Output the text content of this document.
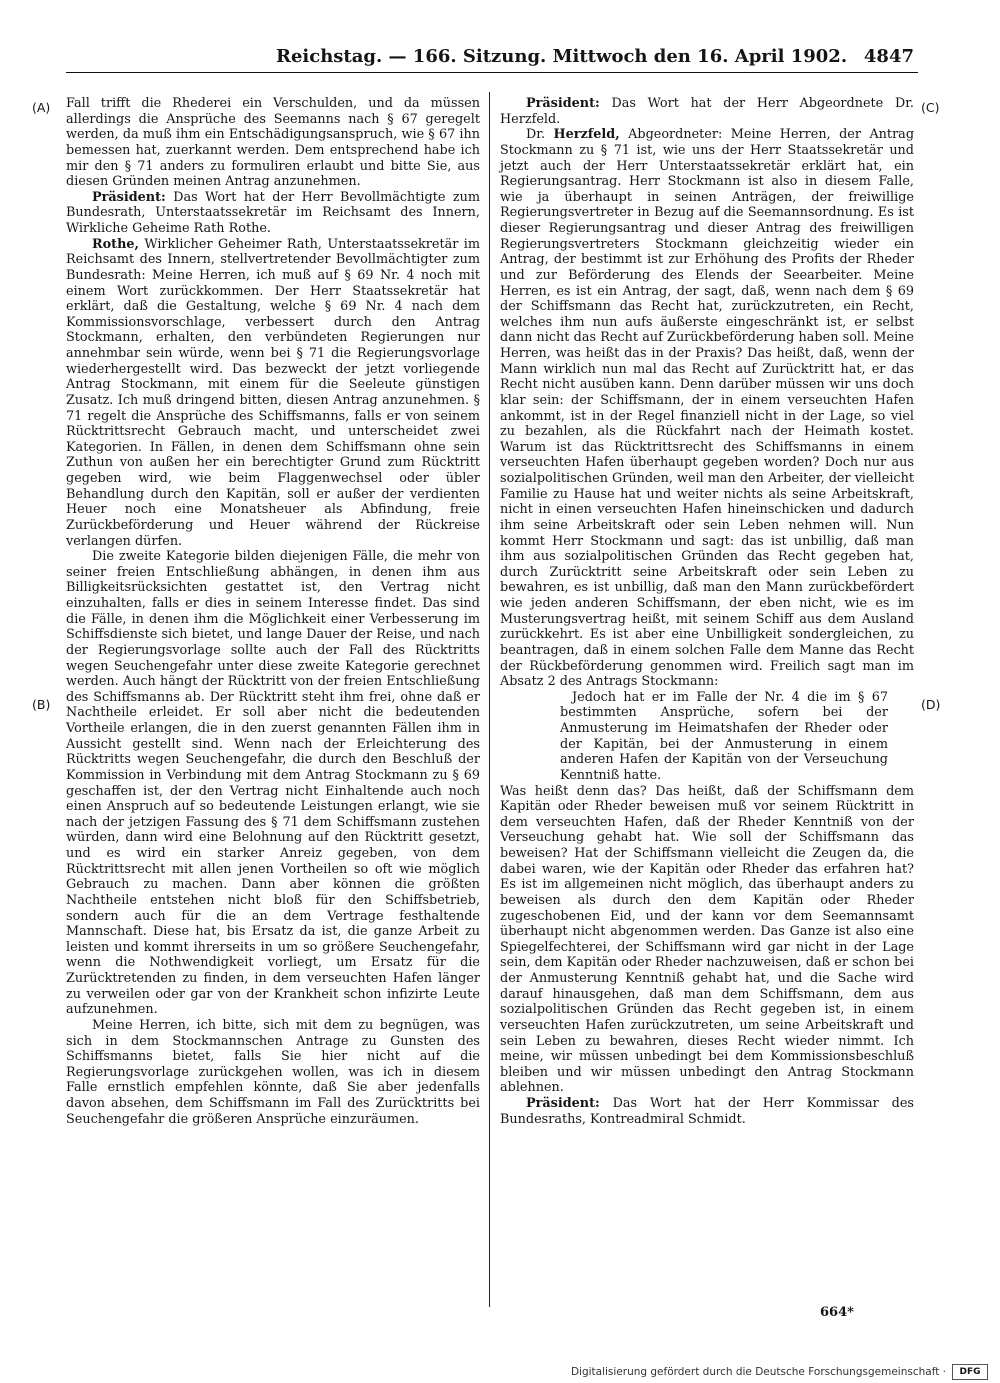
Reichstag. — 166. Sitzung. Mittwoch den 16. April 1902. 4847
(A)
(B)
(C)
(D)

Fall trifft die Rhederei ein Verschulden, und da müssen allerdings die Ansprüche des Seemanns nach § 67 geregelt werden, da muß ihm ein Entschädigungsanspruch, wie § 67 ihn bemessen hat, zuerkannt werden. Dem entsprechend habe ich mir den § 71 anders zu formuliren erlaubt und bitte Sie, aus diesen Gründen meinen Antrag anzunehmen.

Präsident: Das Wort hat der Herr Bevollmächtigte zum Bundesrath, Unterstaatssekretär im Reichsamt des Innern, Wirkliche Geheime Rath Rothe.

Rothe, Wirklicher Geheimer Rath, Unterstaatssekretär im Reichsamt des Innern, stellvertretender Bevollmächtigter zum Bundesrath: Meine Herren, ich muß auf § 69 Nr. 4 noch mit einem Wort zurückkommen. Der Herr Staatssekretär hat erklärt, daß die Gestaltung, welche § 69 Nr. 4 nach dem Kommissionsvorschlage, verbessert durch den Antrag Stockmann, erhalten, den verbündeten Regierungen nur annehmbar sein würde, wenn bei § 71 die Regierungsvorlage wiederhergestellt wird. Das bezweckt der jetzt vorliegende Antrag Stockmann, mit einem für die Seeleute günstigen Zusatz. Ich muß dringend bitten, diesen Antrag anzunehmen. § 71 regelt die Ansprüche des Schiffsmanns, falls er von seinem Rücktrittsrecht Gebrauch macht, und unterscheidet zwei Kategorien. In Fällen, in denen dem Schiffsmann ohne sein Zuthun von außen her ein berechtigter Grund zum Rücktritt gegeben wird, wie beim Flaggenwechsel oder übler Behandlung durch den Kapitän, soll er außer der verdienten Heuer noch eine Monatsheuer als Abfindung, freie Zurückbeförderung und Heuer während der Rückreise verlangen dürfen.

Die zweite Kategorie bilden diejenigen Fälle, die mehr von seiner freien Entschließung abhängen, in denen ihm aus Billigkeitsrücksichten gestattet ist, den Vertrag nicht einzuhalten, falls er dies in seinem Interesse findet. Das sind die Fälle, in denen ihm die Möglichkeit einer Verbesserung im Schiffsdienste sich bietet, und lange Dauer der Reise, und nach der Regierungsvorlage sollte auch der Fall des Rücktritts wegen Seuchengefahr unter diese zweite Kategorie gerechnet werden. Auch hängt der Rücktritt von der freien Entschließung des Schiffsmanns ab. Der Rücktritt steht ihm frei, ohne daß er Nachtheile erleidet. Er soll aber nicht die bedeutenden Vortheile erlangen, die in den zuerst genannten Fällen ihm in Aussicht gestellt sind. Wenn nach der Erleichterung des Rücktritts wegen Seuchengefahr, die durch den Beschluß der Kommission in Verbindung mit dem Antrag Stockmann zu § 69 geschaffen ist, der den Vertrag nicht Einhaltende auch noch einen Anspruch auf so bedeutende Leistungen erlangt, wie sie nach der jetzigen Fassung des § 71 dem Schiffsmann zustehen würden, dann wird eine Belohnung auf den Rücktritt gesetzt, und es wird ein starker Anreiz gegeben, von dem Rücktrittsrecht mit allen jenen Vortheilen so oft wie möglich Gebrauch zu machen. Dann aber können die größten Nachtheile entstehen nicht bloß für den Schiffsbetrieb, sondern auch für die an dem Vertrage festhaltende Mannschaft. Diese hat, bis Ersatz da ist, die ganze Arbeit zu leisten und kommt ihrerseits in um so größere Seuchengefahr, wenn die Nothwendigkeit vorliegt, um Ersatz für die Zurücktretenden zu finden, in dem verseuchten Hafen länger zu verweilen oder gar von der Krankheit schon infizirte Leute aufzunehmen.

Meine Herren, ich bitte, sich mit dem zu begnügen, was sich in dem Stockmannschen Antrage zu Gunsten des Schiffsmanns bietet, falls Sie hier nicht auf die Regierungsvorlage zurückgehen wollen, was ich in diesem Falle ernstlich empfehlen könnte, daß Sie aber jedenfalls davon absehen, dem Schiffsmann im Fall des Zurücktritts bei Seuchengefahr die größeren Ansprüche einzuräumen.

Präsident: Das Wort hat der Herr Abgeordnete Dr. Herzfeld.

Dr. Herzfeld, Abgeordneter: Meine Herren, der Antrag Stockmann zu § 71 ist, wie uns der Herr Staatssekretär und jetzt auch der Herr Unterstaatssekretär erklärt hat, ein Regierungsantrag. Herr Stockmann ist also in diesem Falle, wie ja überhaupt in seinen Anträgen, der freiwillige Regierungsvertreter in Bezug auf die Seemannsordnung. Es ist dieser Regierungsantrag und dieser Antrag des freiwilligen Regierungsvertreters Stockmann gleichzeitig wieder ein Antrag, der bestimmt ist zur Erhöhung des Profits der Rheder und zur Beförderung des Elends der Seearbeiter. Meine Herren, es ist ein Antrag, der sagt, daß, wenn nach dem § 69 der Schiffsmann das Recht hat, zurückzutreten, ein Recht, welches ihm nun aufs äußerste eingeschränkt ist, er selbst dann nicht das Recht auf Zurückbeförderung haben soll. Meine Herren, was heißt das in der Praxis? Das heißt, daß, wenn der Mann wirklich nun mal das Recht auf Zurücktritt hat, er das Recht nicht ausüben kann. Denn darüber müssen wir uns doch klar sein: der Schiffsmann, der in einem verseuchten Hafen ankommt, ist in der Regel finanziell nicht in der Lage, so viel zu bezahlen, als die Rückfahrt nach der Heimath kostet. Warum ist das Rücktrittsrecht des Schiffsmanns in einem verseuchten Hafen überhaupt gegeben worden? Doch nur aus sozialpolitischen Gründen, weil man den Arbeiter, der vielleicht Familie zu Hause hat und weiter nichts als seine Arbeitskraft, nicht in einen verseuchten Hafen hineinschicken und dadurch ihm seine Arbeitskraft oder sein Leben nehmen will. Nun kommt Herr Stockmann und sagt: das ist unbillig, daß man ihm aus sozialpolitischen Gründen das Recht gegeben hat, durch Zurücktritt seine Arbeitskraft oder sein Leben zu bewahren, es ist unbillig, daß man den Mann zurückbefördert wie jeden anderen Schiffsmann, der eben nicht, wie es im Musterungsvertrag heißt, mit seinem Schiff aus dem Ausland zurückkehrt. Es ist aber eine Unbilligkeit sondergleichen, zu beantragen, daß in einem solchen Falle dem Manne das Recht der Rückbeförderung genommen wird. Freilich sagt man im Absatz 2 des Antrags Stockmann:

Jedoch hat er im Falle der Nr. 4 die im § 67 bestimmten Ansprüche, sofern bei der Anmusterung im Heimatshafen der Rheder oder der Kapitän, bei der Anmusterung in einem anderen Hafen der Kapitän von der Verseuchung Kenntniß hatte.

Was heißt denn das? Das heißt, daß der Schiffsmann dem Kapitän oder Rheder beweisen muß vor seinem Rücktritt in dem verseuchten Hafen, daß der Rheder Kenntniß von der Verseuchung gehabt hat. Wie soll der Schiffsmann das beweisen? Hat der Schiffsmann vielleicht die Zeugen da, die dabei waren, wie der Kapitän oder Rheder das erfahren hat? Es ist im allgemeinen nicht möglich, das überhaupt anders zu beweisen als durch den dem Kapitän oder Rheder zugeschobenen Eid, und der kann vor dem Seemannsamt überhaupt nicht abgenommen werden. Das Ganze ist also eine Spiegelfechterei, der Schiffsmann wird gar nicht in der Lage sein, dem Kapitän oder Rheder nachzuweisen, daß er schon bei der Anmusterung Kenntniß gehabt hat, und die Sache wird darauf hinausgehen, daß man dem Schiffsmann, dem aus sozialpolitischen Gründen das Recht gegeben ist, in einem verseuchten Hafen zurückzutreten, um seine Arbeitskraft und sein Leben zu bewahren, dieses Recht wieder nimmt. Ich meine, wir müssen unbedingt bei dem Kommissionsbeschluß bleiben und wir müssen unbedingt den Antrag Stockmann ablehnen.

Präsident: Das Wort hat der Herr Kommissar des Bundesraths, Kontreadmiral Schmidt.

664*
Digitalisierung gefördert durch die Deutsche Forschungsgemeinschaft ·	DFG
